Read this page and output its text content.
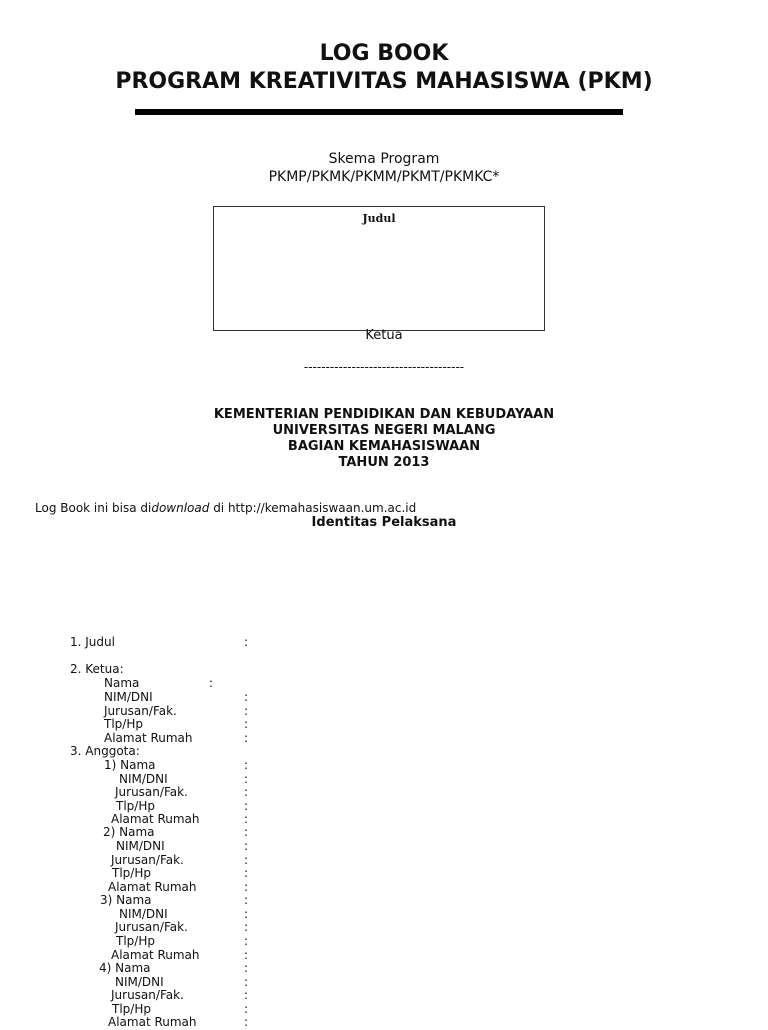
LOG BOOK
PROGRAM KREATIVITAS MAHASISWA (PKM)
Skema Program
PKMP/PKMK/PKMM/PKMT/PKMKC*
Judul
Ketua
-------------------------------------
KEMENTERIAN PENDIDIKAN DAN KEBUDAYAAN
UNIVERSITAS NEGERI MALANG
BAGIAN KEMAHASISWAAN
TAHUN 2013
Log Book ini bisa didownload di http://kemahasiswaan.um.ac.id
Identitas Pelaksana
1. Judul	:
2. Ketua:
Nama	:
NIM/DNI	:
Jurusan/Fak.	:
Tlp/Hp	:
Alamat Rumah	:
3. Anggota:
1) Nama	:
NIM/DNI	:
Jurusan/Fak.	:
Tlp/Hp	:
Alamat Rumah	:
2) Nama	:
NIM/DNI	:
Jurusan/Fak.	:
Tlp/Hp	:
Alamat Rumah	:
3) Nama	:
NIM/DNI	:
Jurusan/Fak.	:
Tlp/Hp	:
Alamat Rumah	:
4) Nama	:
NIM/DNI	:
Jurusan/Fak.	:
Tlp/Hp	:
Alamat Rumah	:
